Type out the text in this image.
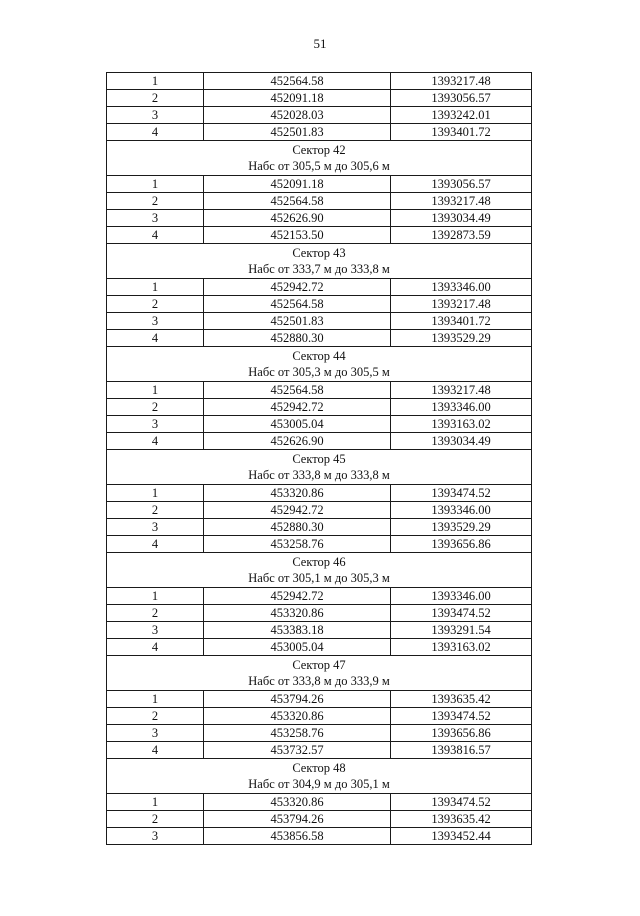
51
1	452564.58	1393217.48
2	452091.18	1393056.57
3	452028.03	1393242.01
4	452501.83	1393401.72

Сектор 42
Набс от 305,5 м до 305,6 м		

1	452091.18	1393056.57
2	452564.58	1393217.48
3	452626.90	1393034.49
4	452153.50	1392873.59

Сектор 43
Набс от 333,7 м до 333,8 м		

1	452942.72	1393346.00
2	452564.58	1393217.48
3	452501.83	1393401.72
4	452880.30	1393529.29

Сектор 44
Набс от 305,3 м до 305,5 м		

1	452564.58	1393217.48
2	452942.72	1393346.00
3	453005.04	1393163.02
4	452626.90	1393034.49

Сектор 45
Набс от 333,8 м до 333,8 м		

1	453320.86	1393474.52
2	452942.72	1393346.00
3	452880.30	1393529.29
4	453258.76	1393656.86

Сектор 46
Набс от 305,1 м до 305,3 м		

1	452942.72	1393346.00
2	453320.86	1393474.52
3	453383.18	1393291.54
4	453005.04	1393163.02

Сектор 47
Набс от 333,8 м до 333,9 м		

1	453794.26	1393635.42
2	453320.86	1393474.52
3	453258.76	1393656.86
4	453732.57	1393816.57

Сектор 48
Набс от 304,9 м до 305,1 м		

1	453320.86	1393474.52
2	453794.26	1393635.42
3	453856.58	1393452.44
